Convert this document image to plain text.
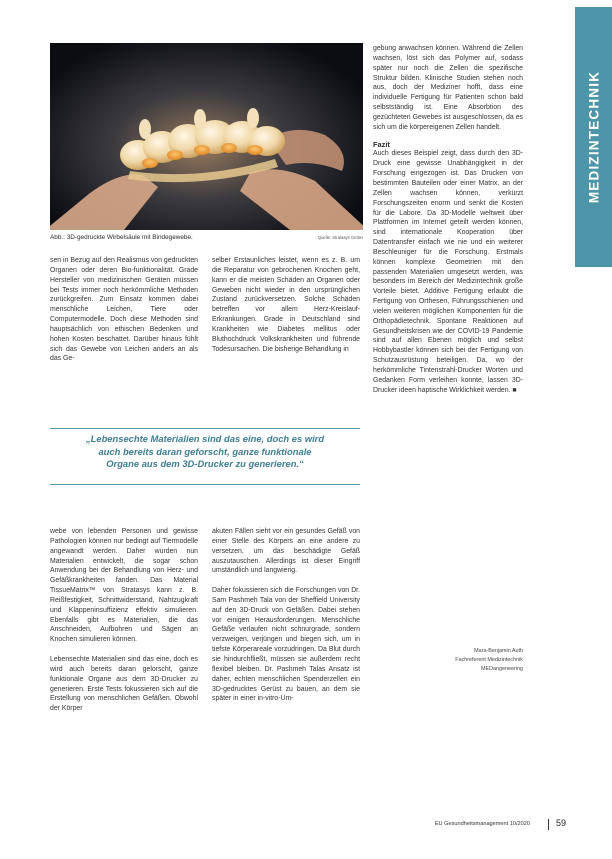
Abb.: 3D-gedruckte Wirbelsäule mit Bindegewebe.	Quelle: Stratasys GmbH

sen in Bezug auf den Realismus von gedruckten Organen oder deren Bio-funktionalität. Grade Hersteller von medizinischen Geräten müssen bei Tests immer noch herkömmliche Methoden zurückgreifen. Zum Einsatz kommen dabei menschliche Leichen, Tiere oder Computermodelle. Doch diese Methoden sind hauptsächlich von ethischen Bedenken und hohen Kosten beschattet. Darüber hinaus fühlt sich das Gewebe von Leichen anders an als das Ge-

selber Erstaunliches leistet, wenn es z. B. um die Reparatur von gebrochenen Knochen geht, kann er die meisten Schäden an Organen oder Geweben nicht wieder in den ursprünglichen Zustand zurückversetzen. Solche Schäden betreffen vor allem Herz-Kreislauf-Erkrankungen. Grade in Deutschland sind Krankheiten wie Diabetes mellitus oder Bluthochdruck Volkskrankheiten und führende Todesursachen. Die bisherige Behandlung in

„Lebensechte Materialien sind das eine, doch es wird
auch bereits daran geforscht, ganze funktionale
Organe aus dem 3D-Drucker zu generieren.“

webe von lebenden Personen und gewisse Pathologien können nur bedingt auf Tiermodelle angewandt werden. Daher wurden nun Materialien entwickelt, die sogar schon Anwendung bei der Behandlung von Herz- und Gefäßkrankheiten fanden. Das Material TissueMatrix™ von Stratasys kann z. B. Reißfestigkeit, Schnittwiderstand, Nahtzugkraft und Klappeninsuffizienz effektiv simulieren. Ebenfalls gibt es Materialien, die das Anschneiden, Aufbohren und Sägen an Knochen simulieren können.

Lebensechte Materialien sind das eine, doch es wird auch bereits daran gelorscht, ganze funktionale Organe aus dem 3D-Drucker zu generieren. Erste Tests fokussieren sich auf die Erstellung von menschlichen Gefäßen. Obwohl der Körper

akuten Fällen sieht vor ein gesundes Gefäß von einer Stelle des Körpers an eine andere zu versetzen, um das beschädigte Gefäß auszutauschen. Allerdings ist dieser Eingriff umständlich und langwierig.

Daher fokussieren sich die Forschungen von Dr. Sam Pashmeh Tala von der Sheffield University auf den 3D-Druck von Gefäßen. Dabei stehen vor einigen Herausforderungen. Menschliche Gefäße verlaufen nicht schnurgrade, sondern verzweigen, verjüngen und biegen sich, um in tiefste Körperareale vorzudringen. Da Blut durch sie hindurchfließt, müssen sie außerdem recht flexibel bleiben. Dr. Pashmeh Talas Ansatz ist daher, echten menschlichen Spenderzellen ein 3D-gedrucktes Gerüst zu bauen, an dem sie später in einer in-vitro-Um-

gebung anwachsen können. Während die Zellen wachsen, löst sich das Polymer auf, sodass später nur noch die Zellen die spezifische Struktur bilden. Klinische Studien stehen noch aus, doch der Mediziner hofft, dass eine individuelle Fertigung für Patienten schon bald selbstständig ist. Eine Absorbtion des gezüchteten Gewebes ist ausgeschlossen, da es sich um die körpereigenen Zellen handelt.

Fazit

Auch dieses Beispiel zeigt, dass durch den 3D-Druck eine gewisse Unabhängigkeit in der Forschung eingezogen ist. Das Drucken von bestimmten Bauteilen oder einer Matrix, an der Zellen wachsen können, verkürzt Forschungszeiten enorm und senkt die Kosten für die Labore. Da 3D-Modelle weltweit über Plattformen im Internet geteilt werden können, sind internationale Kooperation über Datentransfer einfach wie nie und ein weiterer Beschleuniger für die Forschung. Erstmals können komplexe Geometrien mit den passenden Materialien umgesetzt werden, was besonders im Bereich der Medizintechnik große Vorteile bietet. Additive Fertigung erlaubt die Fertigung von Orthesen, Führungsschienen und vielen weiteren möglichen Komponenten für die Orthopädietechnik. Spontane Reaktionen auf Gesundheitskrisen wie der COVID-19 Pandemie sind auf allen Ebenen möglich und selbst Hobbybastler können sich bei der Fertigung von Schutzausrüstung beteiligen. Da, wo der herkömmliche Tintenstrahl-Drucker Worten und Gedanken Form verleihen konnte, lassen 3D-Drucker ideen haptische Wirklichkeit werden. ■

Mara-Benjamin Auth
Fachreferent Medizintechnik
MEDangeneering
MEDIZINTECHNIK
EU Gesundheitsmanagement 10/2020	59
